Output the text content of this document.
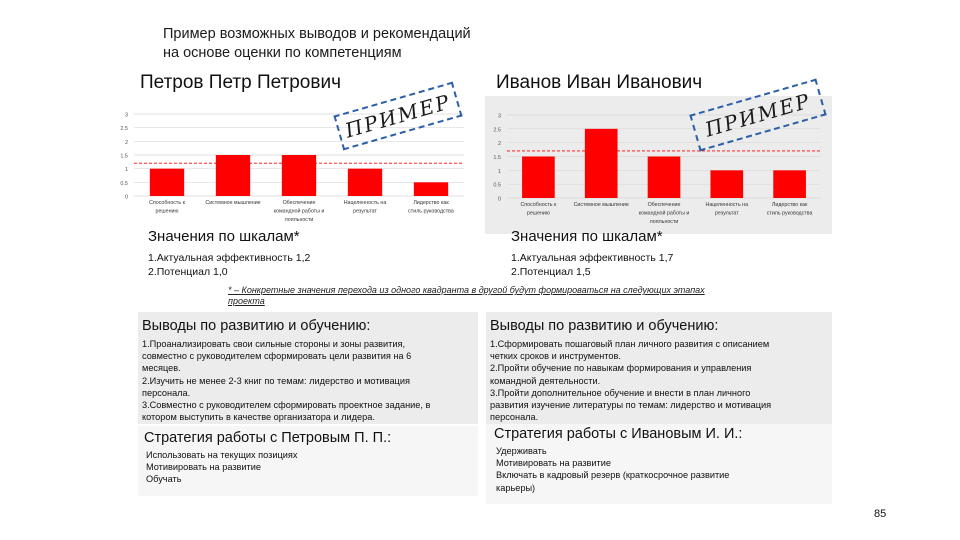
Пример возможных выводов и рекомендаций
на основе оценки по компетенциям
Петров Петр Петрович	Иванов Иван Иванович
3
2.5
2
1.5
1
0.5
0
Способность к решению
Системное мышление	Обеспечение командной работы и лояльности
Нацеленность на результат
Лидерство как стиль руководства
3
2.5
2
1.5
1
0.5
0
Способность к решению
Системное мышление	Обеспечение командной работы и лояльности
Нацеленность на результат
Лидерство как стиль руководства
ПРИМЕР	ПРИМЕР
Значения по шкалам*
1.Актуальная эффективность 1,2
2.Потенциал 1,0
Значения по шкалам*
1.Актуальная эффективность 1,7
2.Потенциал 1,5
* – Конкретные значения перехода из одного квадранта в другой будут формироваться на следующих этапах
проекта
Выводы по развитию и обучению:
1.Проанализировать свои сильные стороны и зоны развития,
совместно с руководителем сформировать цели развития на 6
месяцев.
2.Изучить не менее 2-3 книг по темам: лидерство и мотивация
персонала.
3.Совместно с руководителем сформировать проектное задание, в
котором выступить в качестве организатора и лидера.
Выводы по развитию и обучению:
1.Сформировать пошаговый план личного развития с описанием
четких сроков и инструментов.
2.Пройти обучение по навыкам формирования и управления
командной деятельности.
3.Пройти дополнительное обучение и внести в план личного
развития изучение литературы по темам: лидерство и мотивация
персонала.
Стратегия работы с Петровым П. П.:
Использовать на текущих позициях
Мотивировать на развитие
Обучать
Стратегия работы с Ивановым И. И.:
Удерживать
Мотивировать на развитие
Включать в кадровый резерв (краткосрочное развитие
карьеры)
85
